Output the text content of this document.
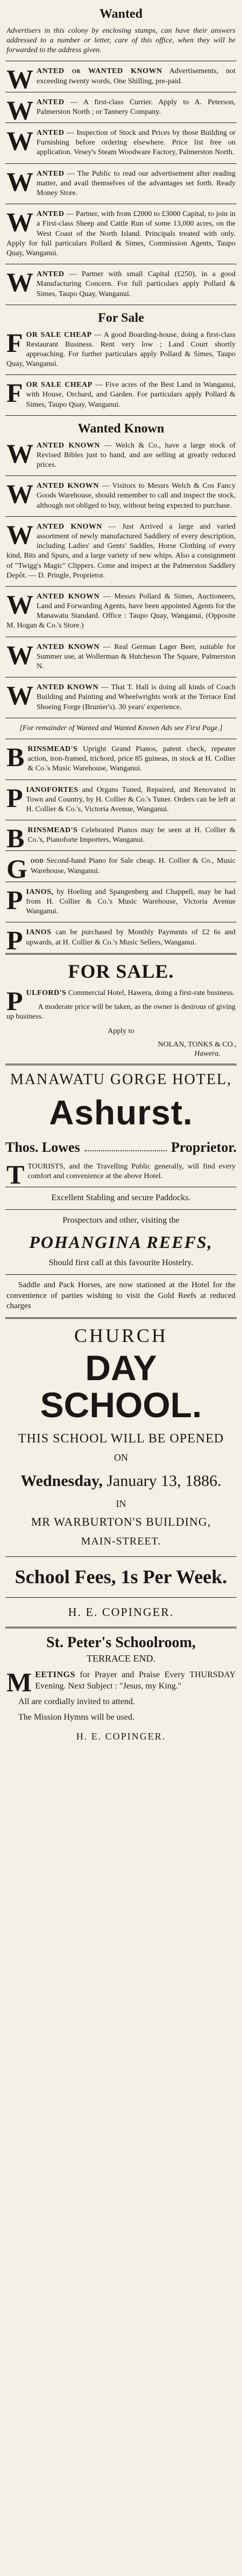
Wanted
Advertisers in this colony by enclosing stamps, can have their answers addressed to a number or letter, care of this office, when they will be forwarded to the address given.
WANTED or WANTED KNOWN Advertisements, not exceeding twenty words, One Shilling, pre-paid.
WANTED — A first-class Currier. Apply to A. Peterson, Palmerston North ; or Tannery Company.
WANTED — Inspection of Stock and Prices by those Building or Furnishing before ordering elsewhere. Price list free on application. Vesey's Steam Woodware Factory, Palmerston North.
WANTED — The Public to read our advertisement after reading matter, and avail themselves of the advantages set forth. Ready Money Store.
WANTED — Partner, with from £2000 to £3000 Capital, to join in a First-class Sheep and Cattle Run of some 13,000 acres, on the West Coast of the North Island. Principals treated with only. Apply for full particulars Pollard & Simes, Commission Agents, Taupo Quay, Wanganui.
WANTED — Partner with small Capital (£250), in a good Manufacturing Concern. For full particulars apply Pollard & Simes, Taupo Quay, Wanganui.
For Sale
FOR SALE CHEAP — A good Boarding-house, doing a first-class Restaurant Business. Rent very low ; Land Court shortly approaching. For further particulars apply Pollard & Simes, Taupo Quay, Wanganui.
FOR SALE CHEAP — Five acres of the Best Land in Wanganui, with House, Orchard, and Garden. For particulars apply Pollard & Simes, Taupo Quay, Wanganui.
Wanted Known
WANTED KNOWN — Welch & Co., have a large stock of Revised Bibles just to hand, and are selling at greatly reduced prices.
WANTED KNOWN — Visitors to Messrs Welch & Cos Fancy Goods Warehouse, should remember to call and inspect the stock, although not obliged to buy, without being expected to purchase.
WANTED KNOWN — Just Arrived a large and varied assortment of newly manufactured Saddlery of every description, including Ladies' and Gents' Saddles, Horse Clothing of every kind, Bits and Spurs, and a large variety of new whips. Also a consignment of "Twigg's Magic" Clippers. Come and inspect at the Palmerston Saddlery Depôt. — D. Pringle, Proprietor.
WANTED KNOWN — Messrs Pollard & Simes, Auctioneers, Land and Forwarding Agents, have been appointed Agents for the Manawatu Standard. Office : Taupo Quay, Wanganui, (Opposite M. Hogan & Co.'s Store.)
WANTED KNOWN — Real German Lager Beer, suitable for Summer use, at Wollerman & Hutcheson The Square, Palmerston N.
WANTED KNOWN — That T. Hall is doing all kinds of Coach Building and Painting and Wheelwrights work at the Terrace End Shoeing Forge (Brunier's). 30 years' experience.
[For remainder of Wanted and Wanted Known Ads see First Page.]
BRINSMEAD'S Upright Grand Pianos, patent check, repeater action, iron-framed, trichord, price 85 guineas, in stock at H. Collier & Co.'s Music Warehouse, Wanganui.
PIANOFORTES and Organs Tuned, Repaired, and Renovated in Town and Country, by H. Collier & Co.'s Tuner. Orders can be left at H. Collier & Co.'s, Victoria Avenue, Wanganui.
BRINSMEAD'S Celebrated Pianos may be seen at H. Collier & Co.'s, Pianoforte Importers, Wanganui.
Good Second-hand Piano for Sale cheap. H. Collier & Co., Music Warehouse, Wanganui.
PIANOS, by Hoeling and Spangenberg and Chappell, may be had from H. Collier & Co.'s Music Warehouse, Victoria Avenue Wanganui.
PIANOS can be purchased by Monthly Payments of £2 6s and upwards, at H. Collier & Co.'s Music Sellers, Wanganui.
FOR SALE.
P ULFORD'S Commercial Hotel, Hawera, doing a first-rate business.
A moderate price will be taken, as the owner is desirous of giving up business.
Apply to
NOLAN, TONKS & CO.,
Hawera.
MANAWATU GORGE HOTEL,
Ashurst.
Thos. Lowes	Proprietor.
T TOURISTS, and the Travelling Public generally, will find every comfort and convenience at the above Hotel.
Excellent Stabling and secure Paddocks.
Prospectors and other, visiting the
POHANGINA REEFS,
Should first call at this favourite Hostelry.
Saddle and Pack Horses, are now stationed at the Hotel for the convenience of parties wishing to visit the Gold Reefs at reduced charges
CHURCH
DAY SCHOOL.
THIS SCHOOL WILL BE OPENED
ON
Wednesday, January 13, 1886.
IN
MR WARBURTON'S BUILDING,
MAIN-STREET.
School Fees, 1s Per Week.
H. E. COPINGER.
St. Peter's Schoolroom,
TERRACE END.
M EETINGS for Prayer and Praise Every THURSDAY Evening. Next Subject : "Jesus, my King."
All are cordially invited to attend.
The Mission Hymns will be used.
H. E. COPINGER.
